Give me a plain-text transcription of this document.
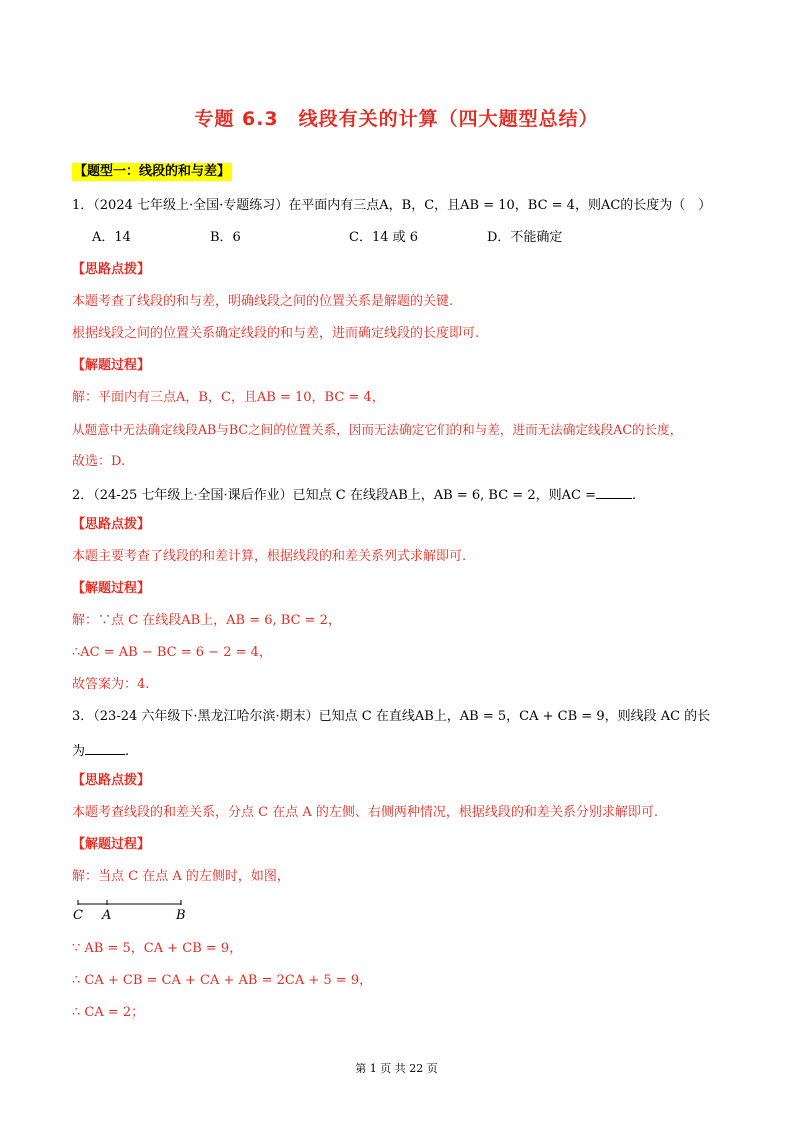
专题 6.3　线段有关的计算（四大题型总结）
【题型一：线段的和与差】
1．（2024 七年级上·全国·专题练习）在平面内有三点A，B，C，且AB = 10，BC = 4，则AC的长度为（　）
A．14	B．6	C．14 或 6	D．不能确定
【思路点拨】
本题考查了线段的和与差，明确线段之间的位置关系是解题的关键.
根据线段之间的位置关系确定线段的和与差，进而确定线段的长度即可.
【解题过程】
解：平面内有三点A，B，C，且AB = 10，BC = 4，
从题意中无法确定线段AB与BC之间的位置关系，因而无法确定它们的和与差，进而无法确定线段AC的长度，
故选：D.
2．（24-25 七年级上·全国·课后作业）已知点 C 在线段AB上，AB = 6, BC = 2，则AC =	.
【思路点拨】
本题主要考查了线段的和差计算，根据线段的和差关系列式求解即可.
【解题过程】
解：∵点 C 在线段AB上，AB = 6, BC = 2，
∴AC = AB − BC = 6 − 2 = 4，
故答案为：4.
3．（23-24 六年级下·黑龙江哈尔滨·期末）已知点 C 在直线AB上，AB = 5，CA + CB = 9，则线段 AC 的长
为	.
【思路点拨】
本题考查线段的和差关系，分点 C 在点 A 的左侧、右侧两种情况，根据线段的和差关系分别求解即可.
【解题过程】
解：当点 C 在点 A 的左侧时，如图，
C A	B
∵ AB = 5，CA + CB = 9，
∴ CA + CB = CA + CA + AB = 2CA + 5 = 9，
∴ CA = 2；
第 1 页 共 22 页
